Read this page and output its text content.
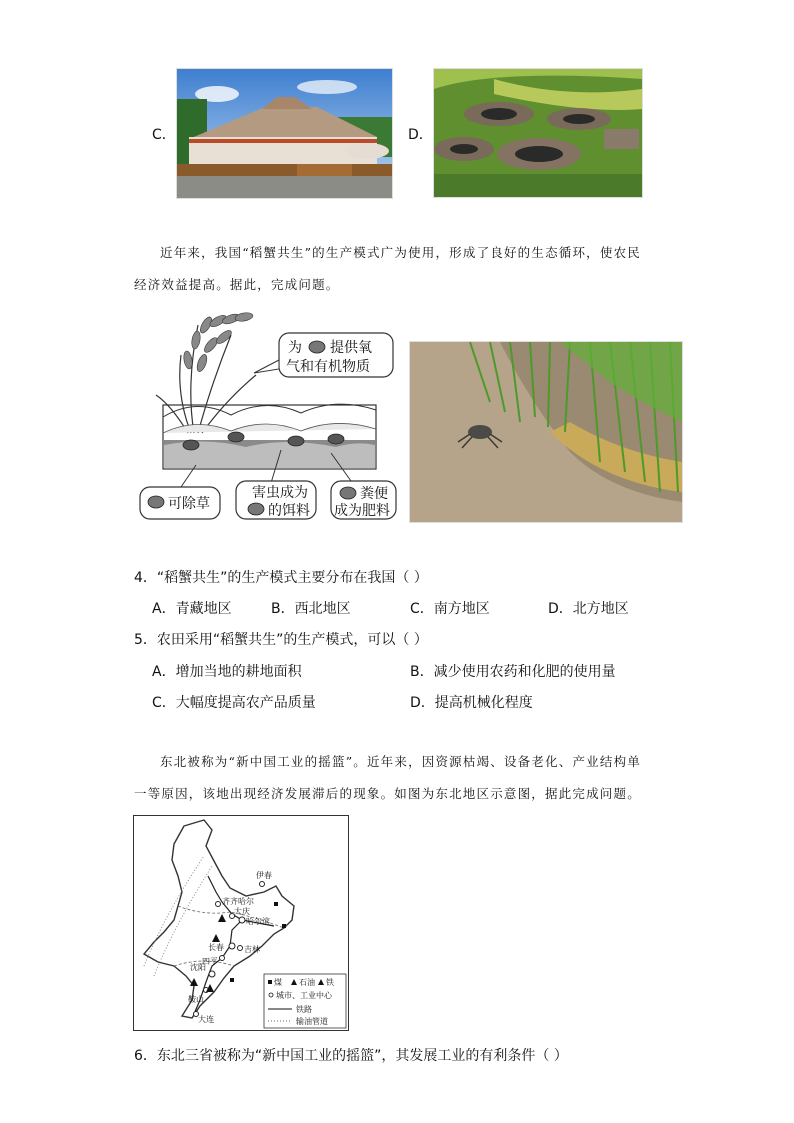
C．	D．
近年来，我国“稻蟹共生”的生产模式广为使用，形成了良好的生态循环，使农民
经济效益提高。据此，完成问题。
为 提供氧
气和有机物质
可除草
害虫成为
的饵料
粪便
成为肥料
4．“稻蟹共生”的生产模式主要分布在我国（ ）
A．青藏地区	B．西北地区	C．南方地区	D．北方地区
5．农田采用“稻蟹共生”的生产模式，可以（ ）
A．增加当地的耕地面积	B．减少使用农药和化肥的使用量
C．大幅度提高农产品质量	D．提高机械化程度
东北被称为“新中国工业的摇篮”。近年来，因资源枯竭、设备老化、产业结构单
一等原因，该地出现经济发展滞后的现象。如图为东北地区示意图，据此完成问题。
伊春
齐齐哈尔
大庆
哈尔滨
长春	吉林
四平
沈阳
鞍山
大连
煤 石油 铁
城市、工业中心
铁路
输油管道
6．东北三省被称为“新中国工业的摇篮”，其发展工业的有利条件（ ）
